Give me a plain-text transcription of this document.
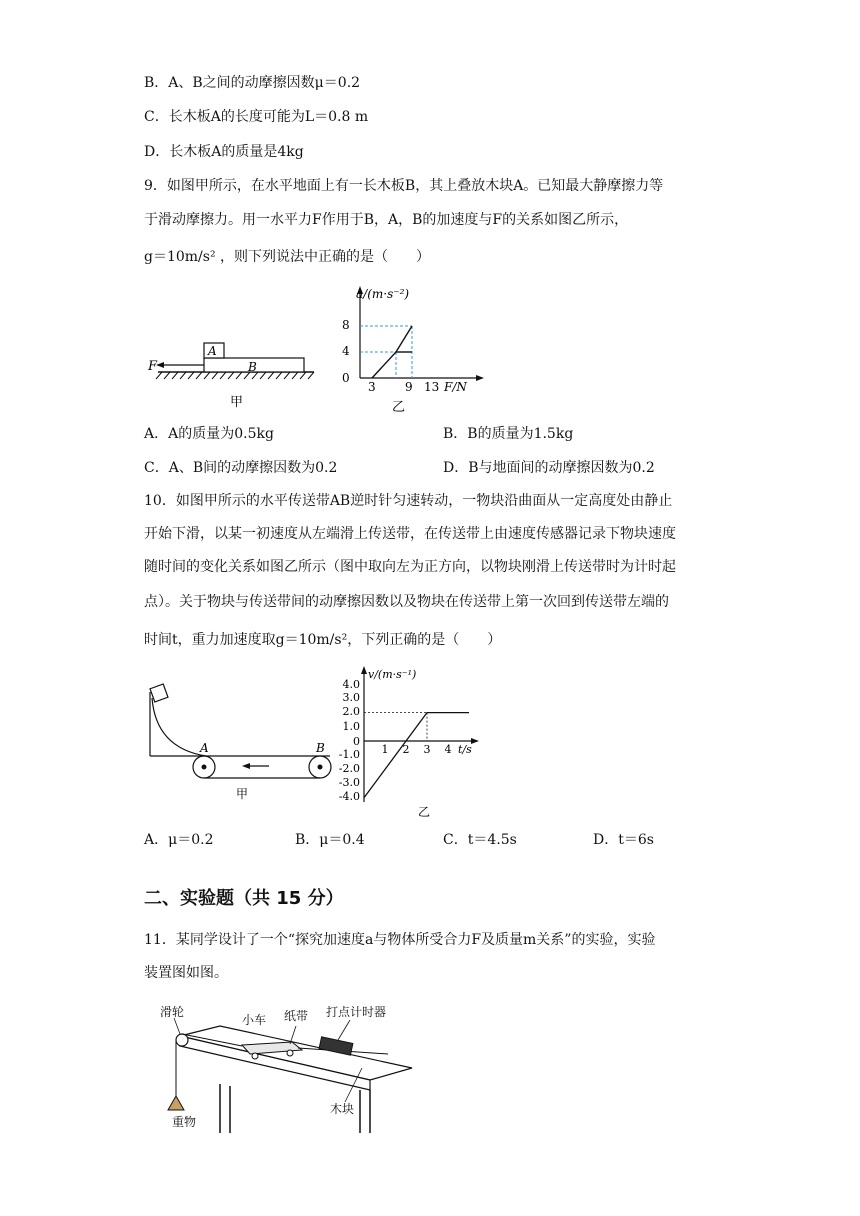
B．A、B之间的动摩擦因数μ＝0.2
C．长木板A的长度可能为L＝0.8 m
D．长木板A的质量是4kg
9．如图甲所示，在水平地面上有一长木板B，其上叠放木块A。已知最大静摩擦力等
于滑动摩擦力。用一水平力F作用于B，A，B的加速度与F的关系如图乙所示，
g＝10m/s² ，则下列说法中正确的是（　　）
F
A
B
甲
a/(m·s⁻²)
F/N
8
4
0
3 9 13
乙
A．A的质量为0.5kg	B．B的质量为1.5kg
C．A、B间的动摩擦因数为0.2	D．B与地面间的动摩擦因数为0.2
10．如图甲所示的水平传送带AB逆时针匀速转动，一物块沿曲面从一定高度处由静止
开始下滑，以某一初速度从左端滑上传送带，在传送带上由速度传感器记录下物块速度
随时间的变化关系如图乙所示（图中取向左为正方向，以物块刚滑上传送带时为计时起
点）。关于物块与传送带间的动摩擦因数以及物块在传送带上第一次回到传送带左端的
时间t，重力加速度取g＝10m/s²，下列正确的是（　　）
A	B
甲
v/(m·s⁻¹)
t/s
4.0
3.0
2.0
1.0
0
-1.0
-2.0
-3.0
-4.0
1 2 3 4
乙
A．μ＝0.2	B．μ＝0.4	C．t＝4.5s	D．t＝6s
二、实验题（共 15 分）
11．某同学设计了一个“探究加速度a与物体所受合力F及质量m关系”的实验，实验
装置图如图。
滑轮
小车 纸带 打点计时器
重物
木块
